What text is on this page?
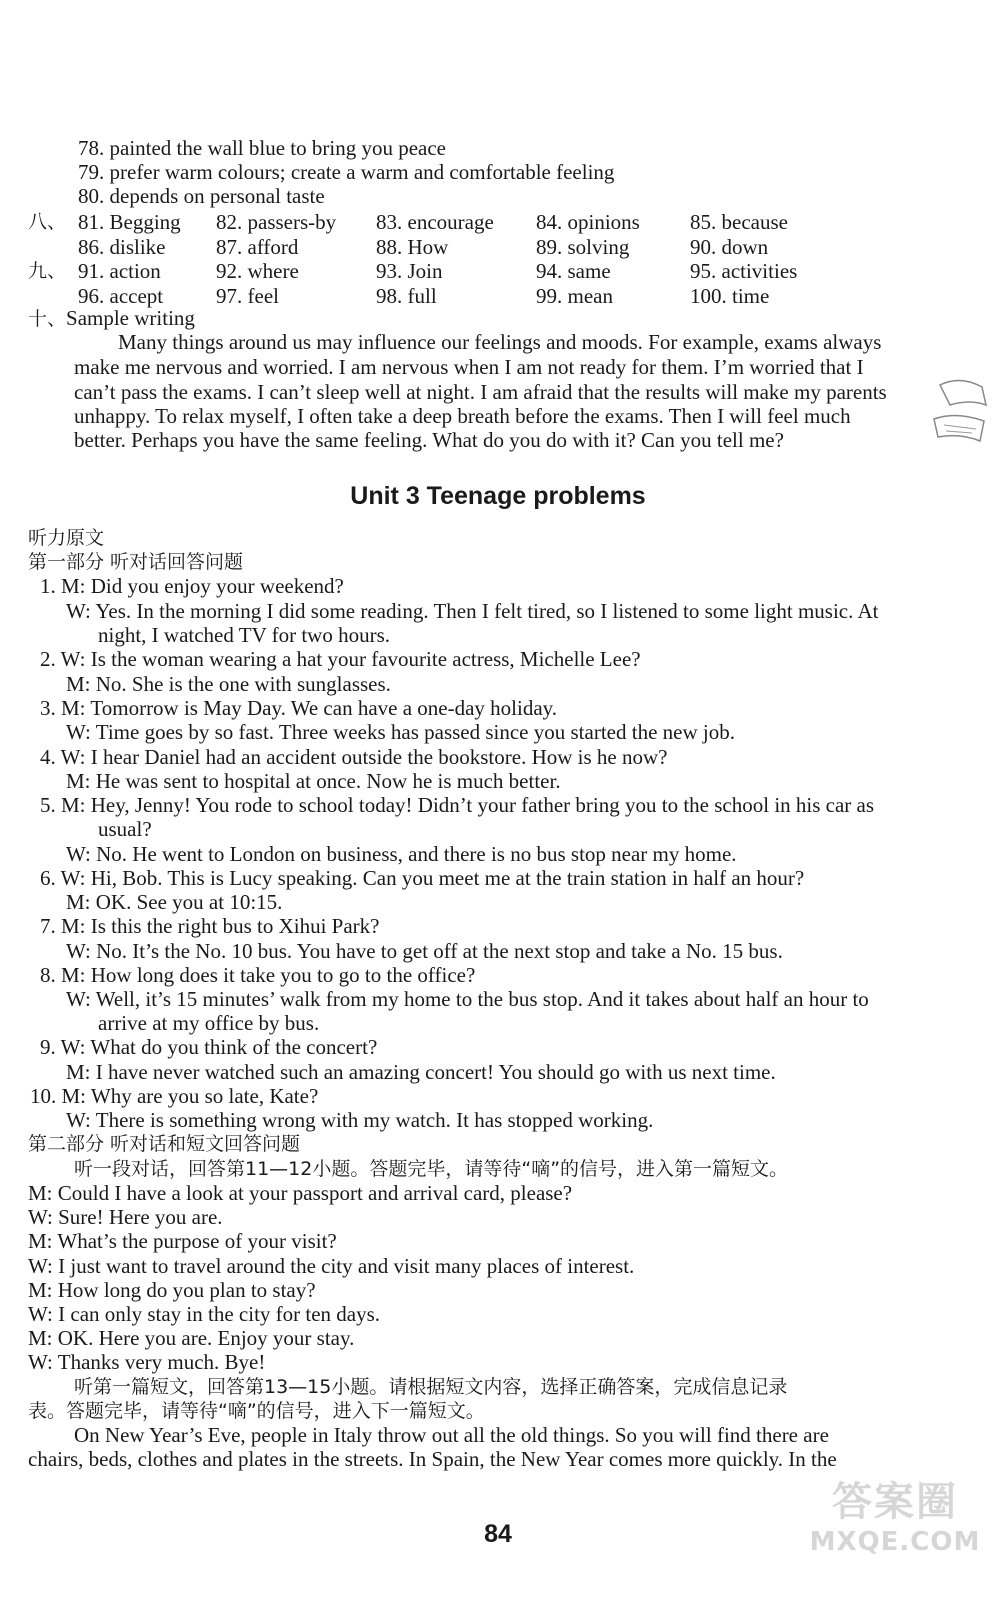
78. painted the wall blue to bring you peace
79. prefer warm colours; create a warm and comfortable feeling
80. depends on personal taste
八、 81. Begging 82. passers-by 83. encourage 84. opinions 85. because
86. dislike 87. afford	88. How	89. solving	90. down
九、 91. action	92. where	93. Join	94. same	95. activities
96. accept	97. feel	98. full	99. mean	100. time
十、Sample writing
Many things around us may influence our feelings and moods. For example, exams always
make me nervous and worried. I am nervous when I am not ready for them. I’m worried that I
can’t pass the exams. I can’t sleep well at night. I am afraid that the results will make my parents
unhappy. To relax myself, I often take a deep breath before the exams. Then I will feel much
better. Perhaps you have the same feeling. What do you do with it? Can you tell me?
Unit 3 Teenage problems
听力原文
第一部分 听对话回答问题
1. M: Did you enjoy your weekend?
W: Yes. In the morning I did some reading. Then I felt tired, so I listened to some light music. At
night, I watched TV for two hours.
2. W: Is the woman wearing a hat your favourite actress, Michelle Lee?
M: No. She is the one with sunglasses.
3. M: Tomorrow is May Day. We can have a one-day holiday.
W: Time goes by so fast. Three weeks has passed since you started the new job.
4. W: I hear Daniel had an accident outside the bookstore. How is he now?
M: He was sent to hospital at once. Now he is much better.
5. M: Hey, Jenny! You rode to school today! Didn’t your father bring you to the school in his car as
usual?
W: No. He went to London on business, and there is no bus stop near my home.
6. W: Hi, Bob. This is Lucy speaking. Can you meet me at the train station in half an hour?
M: OK. See you at 10:15.
7. M: Is this the right bus to Xihui Park?
W: No. It’s the No. 10 bus. You have to get off at the next stop and take a No. 15 bus.
8. M: How long does it take you to go to the office?
W: Well, it’s 15 minutes’ walk from my home to the bus stop. And it takes about half an hour to
arrive at my office by bus.
9. W: What do you think of the concert?
M: I have never watched such an amazing concert! You should go with us next time.
10. M: Why are you so late, Kate?
W: There is something wrong with my watch. It has stopped working.
第二部分 听对话和短文回答问题
听一段对话，回答第11—12小题。答题完毕，请等待“嘀”的信号，进入第一篇短文。
M: Could I have a look at your passport and arrival card, please?
W: Sure! Here you are.
M: What’s the purpose of your visit?
W: I just want to travel around the city and visit many places of interest.
M: How long do you plan to stay?
W: I can only stay in the city for ten days.
M: OK. Here you are. Enjoy your stay.
W: Thanks very much. Bye!
听第一篇短文，回答第13—15小题。请根据短文内容，选择正确答案，完成信息记录
表。答题完毕，请等待“嘀”的信号，进入下一篇短文。
On New Year’s Eve, people in Italy throw out all the old things. So you will find there are
chairs, beds, clothes and plates in the streets. In Spain, the New Year comes more quickly. In the
84
答案圈
MXQE.COM
